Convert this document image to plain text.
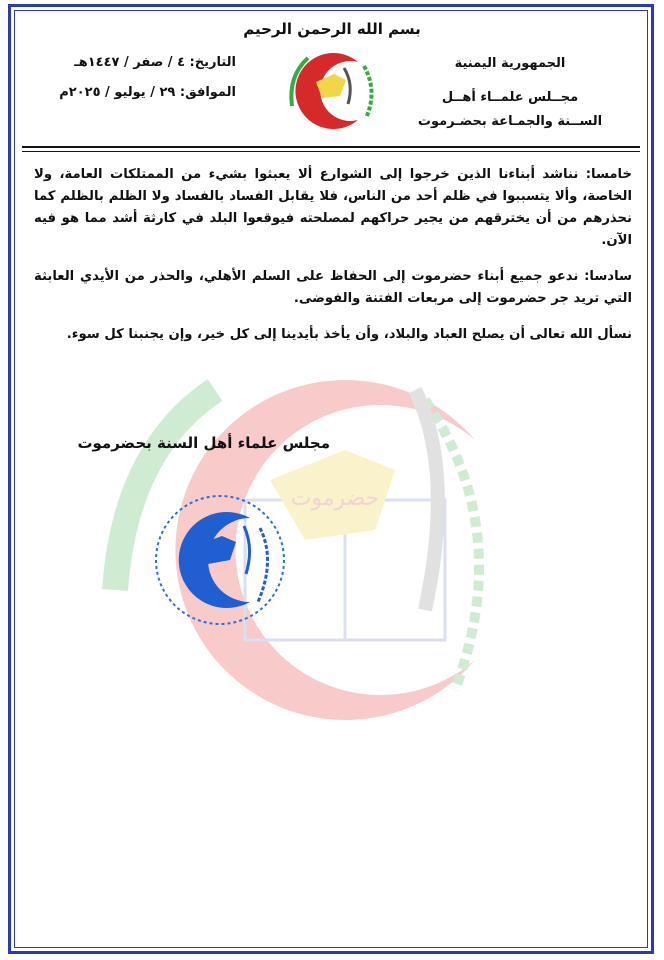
حضرموت
بسم الله الرحمن الرحيم
الجمهورية اليمنية
مجــلس علمــاء أهــل
الســنة والجمـاعة بحضـرموت
التاريخ: ٤ / صفر / ١٤٤٧هـ
الموافق: ٢٩ / يوليو / ٢٠٢٥م

خامسا: نناشد أبناءنا الذين خرجوا إلى الشوارع ألا يعبثوا بشيء من الممتلكات العامة، ولا الخاصة، وألا يتسببوا في ظلم أحد من الناس، فلا يقابل الفساد بالفساد ولا الظلم بالظلم كما نحذرهم من أن يخترقهم من يجير حراكهم لمصلحته فيوقعوا البلد في كارثة أشد مما هو فيه الآن.

سادسا: ندعو جميع أبناء حضرموت إلى الحفاظ على السلم الأهلي، والحذر من الأيدي العابثة التي تريد جر حضرموت إلى مربعات الفتنة والفوضى.

نسأل الله تعالى أن يصلح العباد والبلاد، وأن يأخذ بأيدينا إلى كل خير، وإن يجنبنا كل سوء.

مجلس علماء أهل السنة بحضرموت
